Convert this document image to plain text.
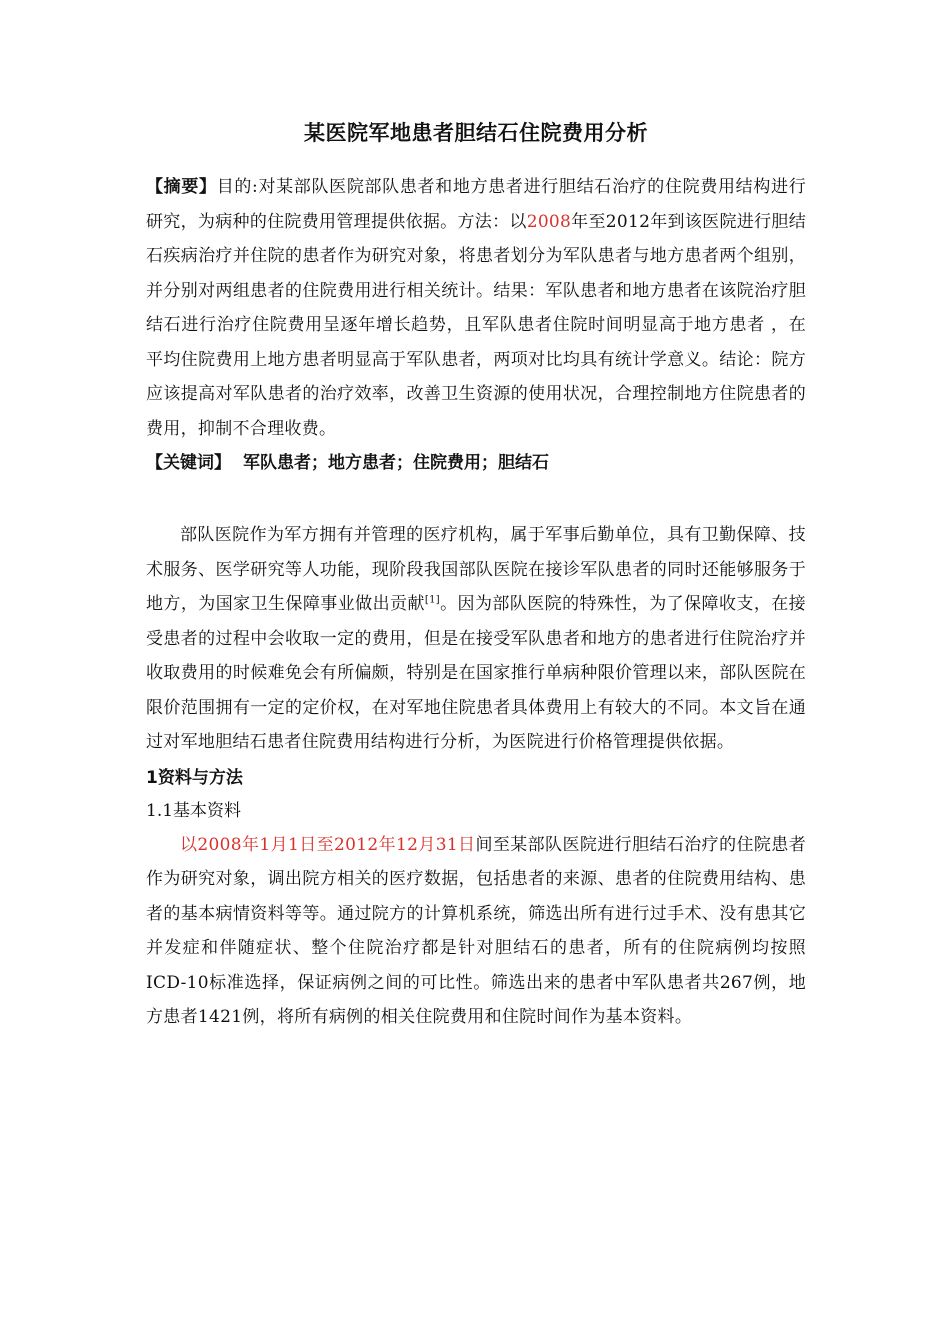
某医院军地患者胆结石住院费用分析

【摘要】目的:对某部队医院部队患者和地方患者进行胆结石治疗的住院费用结构进行研究，为病种的住院费用管理提供依据。方法：以2008年至2012年到该医院进行胆结石疾病治疗并住院的患者作为研究对象，将患者划分为军队患者与地方患者两个组别，并分别对两组患者的住院费用进行相关统计。结果：军队患者和地方患者在该院治疗胆结石进行治疗住院费用呈逐年增长趋势，且军队患者住院时间明显高于地方患者 ，在平均住院费用上地方患者明显高于军队患者，两项对比均具有统计学意义。结论：院方应该提高对军队患者的治疗效率，改善卫生资源的使用状况，合理控制地方住院患者的费用，抑制不合理收费。

【关键词】 军队患者；地方患者；住院费用；胆结石

部队医院作为军方拥有并管理的医疗机构，属于军事后勤单位，具有卫勤保障、技术服务、医学研究等人功能，现阶段我国部队医院在接诊军队患者的同时还能够服务于地方，为国家卫生保障事业做出贡献[1]。因为部队医院的特殊性，为了保障收支，在接受患者的过程中会收取一定的费用，但是在接受军队患者和地方的患者进行住院治疗并收取费用的时候难免会有所偏颇，特别是在国家推行单病种限价管理以来，部队医院在限价范围拥有一定的定价权，在对军地住院患者具体费用上有较大的不同。本文旨在通过对军地胆结石患者住院费用结构进行分析，为医院进行价格管理提供依据。

1资料与方法

1.1基本资料

以2008年1月1日至2012年12月31日间至某部队医院进行胆结石治疗的住院患者作为研究对象，调出院方相关的医疗数据，包括患者的来源、患者的住院费用结构、患者的基本病情资料等等。通过院方的计算机系统，筛选出所有进行过手术、没有患其它并发症和伴随症状、整个住院治疗都是针对胆结石的患者，所有的住院病例均按照ICD-10标准选择，保证病例之间的可比性。筛选出来的患者中军队患者共267例，地方患者1421例，将所有病例的相关住院费用和住院时间作为基本资料。
